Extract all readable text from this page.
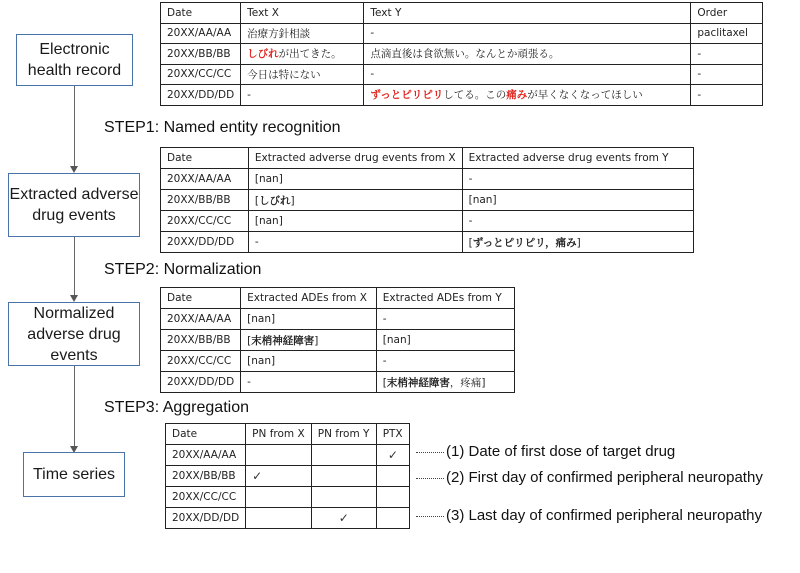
Electronic health record
Extracted adverse drug events
Normalized adverse drug events
Time series
STEP1: Named entity recognition
STEP2: Normalization
STEP3: Aggregation
Date	Text X	Text Y	Order
20XX/AA/AA	治療方針相談	-	paclitaxel
20XX/BB/BB	しびれが出てきた。	点滴直後は食欲無い。なんとか頑張る。	-
20XX/CC/CC	今日は特にない	-	-
20XX/DD/DD	-	ずっとピリピリしてる。この痛みが早くなくなってほしい	-
Date	Extracted adverse drug events from X	Extracted adverse drug events from Y
20XX/AA/AA	[nan]	-
20XX/BB/BB	[しびれ]	[nan]
20XX/CC/CC	[nan]	-
20XX/DD/DD	-	[ずっとピリピリ，痛み]
Date	Extracted ADEs from X	Extracted ADEs from Y
20XX/AA/AA	[nan]	-
20XX/BB/BB	[末梢神経障害]	[nan]
20XX/CC/CC	[nan]	-
20XX/DD/DD	-	[末梢神経障害，疼痛]
Date	PN from X	PN from Y	PTX
20XX/AA/AA			✓
20XX/BB/BB	✓		
20XX/CC/CC			
20XX/DD/DD		✓	
(1) Date of first dose of target drug
(2) First day of confirmed peripheral neuropathy
(3) Last day of confirmed peripheral neuropathy
